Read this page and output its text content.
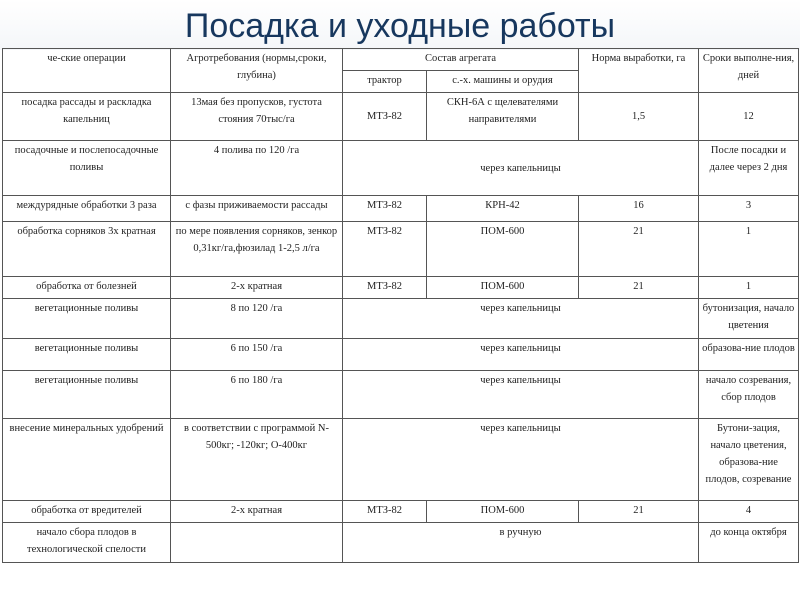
Посадка и уходные работы
че-ские операции	Агротребования (нормы,сроки, глубина)	Состав агрегата		Норма выработки, га	Сроки выполне-ния, дней
		трактор	с.-х. машины и орудия		
посадка рассады и раскладка капельниц	13мая без пропусков, густота стояния 70тыс/га	МТЗ-82	СКН-6А с щелевателями направителями	1,5	12
посадочные и послепосадочные поливы	4 полива по 120 /га	через капельницы			После посадки и далее через 2 дня
междурядные обработки 3 раза	с фазы приживаемости рассады	МТЗ-82	КРН-42	16	3
обработка сорняков 3х кратная	по мере появления сорняков, зенкор 0,31кг/га,фюзилад 1-2,5 л/га	МТЗ-82	ПОМ-600	21	1
обработка от болезней	2-х кратная	МТЗ-82	ПОМ-600	21	1
вегетационные поливы	8 по 120 /га	через капельницы			бутонизация, начало цветения
вегетационные поливы	6 по 150 /га	через капельницы			образова-ние плодов
вегетационные поливы	6 по 180 /га	через капельницы			начало созревания, сбор плодов
внесение минеральных удобрений	в соответствии с программой N-500кг; -120кг; О-400кг	через капельницы			Бутони-зация, начало цветения, образова-ние плодов, созревание
обработка от вредителей	2-х кратная	МТЗ-82	ПОМ-600	21	4
начало сбора плодов в технологической спелости		в ручную			до конца октября
